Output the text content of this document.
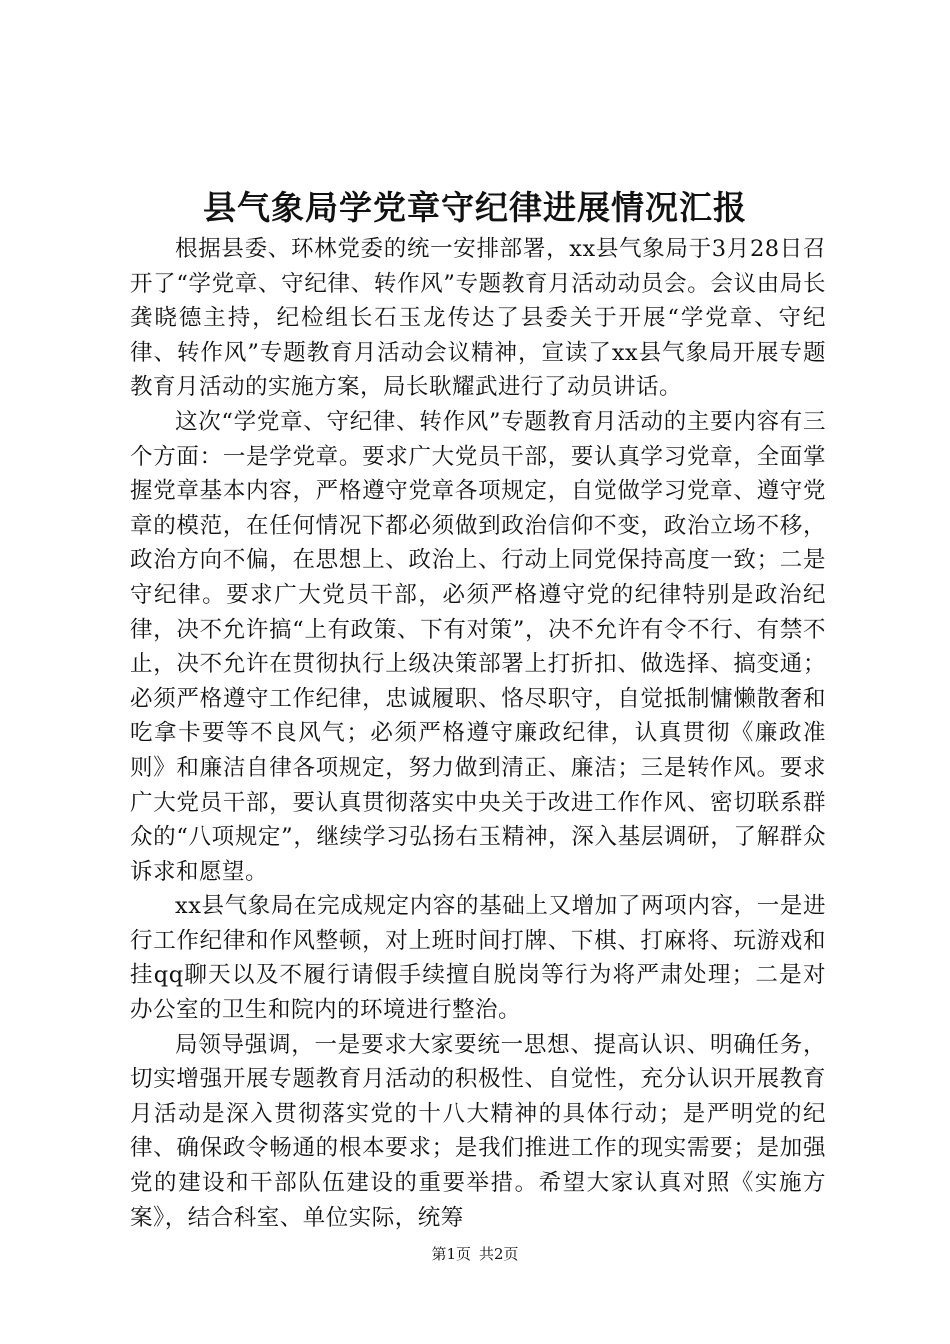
县气象局学党章守纪律进展情况汇报

根据县委、环林党委的统一安排部署，xx县气象局于3月28日召开了“学党章、守纪律、转作风”专题教育月活动动员会。会议由局长龚晓德主持，纪检组长石玉龙传达了县委关于开展“学党章、守纪律、转作风”专题教育月活动会议精神，宣读了xx县气象局开展专题教育月活动的实施方案，局长耿耀武进行了动员讲话。

这次“学党章、守纪律、转作风”专题教育月活动的主要内容有三个方面：一是学党章。要求广大党员干部，要认真学习党章，全面掌握党章基本内容，严格遵守党章各项规定，自觉做学习党章、遵守党章的模范，在任何情况下都必须做到政治信仰不变，政治立场不移，政治方向不偏，在思想上、政治上、行动上同党保持高度一致；二是守纪律。要求广大党员干部，必须严格遵守党的纪律特别是政治纪律，决不允许搞“上有政策、下有对策”，决不允许有令不行、有禁不止，决不允许在贯彻执行上级决策部署上打折扣、做选择、搞变通；必须严格遵守工作纪律，忠诚履职、恪尽职守，自觉抵制慵懒散奢和吃拿卡要等不良风气；必须严格遵守廉政纪律，认真贯彻《廉政准则》和廉洁自律各项规定，努力做到清正、廉洁；三是转作风。要求广大党员干部，要认真贯彻落实中央关于改进工作作风、密切联系群众的“八项规定”，继续学习弘扬右玉精神，深入基层调研，了解群众诉求和愿望。

xx县气象局在完成规定内容的基础上又增加了两项内容，一是进行工作纪律和作风整顿，对上班时间打牌、下棋、打麻将、玩游戏和挂qq聊天以及不履行请假手续擅自脱岗等行为将严肃处理；二是对办公室的卫生和院内的环境进行整治。

局领导强调，一是要求大家要统一思想、提高认识、明确任务，切实增强开展专题教育月活动的积极性、自觉性，充分认识开展教育月活动是深入贯彻落实党的十八大精神的具体行动；是严明党的纪律、确保政令畅通的根本要求；是我们推进工作的现实需要；是加强党的建设和干部队伍建设的重要举措。希望大家认真对照《实施方案》，结合科室、单位实际，统筹

第1页 共2页
